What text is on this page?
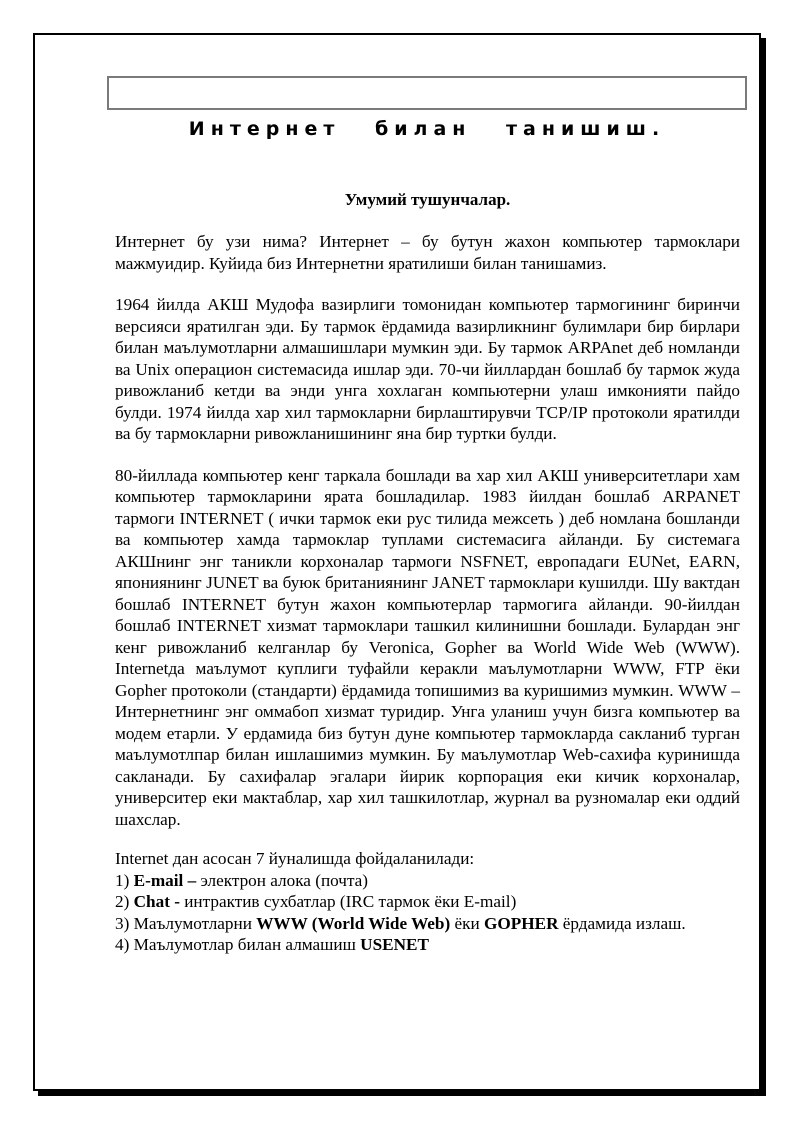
Интернет билан танишиш.
Умумий тушунчалар.

Интернет бу узи нима? Интернет – бу бутун жахон компьютер тармоклари мажмуидир. Куйида биз Интернетни яратилиши билан танишамиз.

1964 йилда АКШ Мудофа вазирлиги томонидан компьютер тармогининг биринчи версияси яратилган эди. Бу тармок ёрдамида вазирликнинг булимлари бир бирлари билан маълумотларни алмашишлари мумкин эди. Бу тармок ARPAnet деб номланди ва Unix операцион системасида ишлар эди. 70-чи йиллардан бошлаб бу тармок жуда ривожланиб кетди ва энди унга хохлаган компьютерни улаш имконияти пайдо булди. 1974 йилда хар хил тармокларни бирлаштирувчи TCP/IP протоколи яратилди ва бу тармокларни ривожланишининг яна бир туртки булди.

80-йиллада компьютер кенг таркала бошлади ва хар хил АКШ университетлари хам компьютер тармокларини ярата бошладилар. 1983 йилдан бошлаб ARPANET тармоги INTERNET ( ички тармок еки рус тилида межсеть ) деб номлана бошланди ва компьютер хамда тармоклар туплами системасига айланди. Бу системага АКШнинг энг таникли корхоналар тармоги NSFNET, европадаги EUNet, EARN, япониянинг JUNET ва буюк британиянинг JANET тармоклари кушилди. Шу вактдан бошлаб INTERNET бутун жахон компьютерлар тармогига айланди. 90-йилдан бошлаб INTERNET хизмат тармоклари ташкил килинишни бошлади. Булардан энг кенг ривожланиб келганлар бу Veronica, Gopher ва World Wide Web (WWW). Internetда маълумот куплиги туфайли керакли маълумотларни WWW, FTP ёки Gopher протоколи (стандарти) ёрдамида топишимиз ва куришимиз мумкин. WWW – Интернетнинг энг оммабоп хизмат туридир. Унга уланиш учун бизга компьютер ва модем етарли. У ердамида биз бутун дуне компьютер тармокларда сакланиб турган маълумотлпар билан ишлашимиз мумкин. Бу маълумотлар Web-сахифа куринишда сакланади. Бу сахифалар эгалари йирик корпорация еки кичик корхоналар, университер еки мактаблар, хар хил ташкилотлар, журнал ва рузномалар еки оддий шахслар.

Internet дан асосан 7 йуналишда фойдаланилади:

1) E-mail – электрон алока (почта)

2) Chat - интрактив сухбатлар (IRC тармок ёки E-mail)

3) Маълумотларни WWW (World Wide Web) ёки GOPHER ёрдамида излаш.

4) Маълумотлар билан алмашиш USENET
